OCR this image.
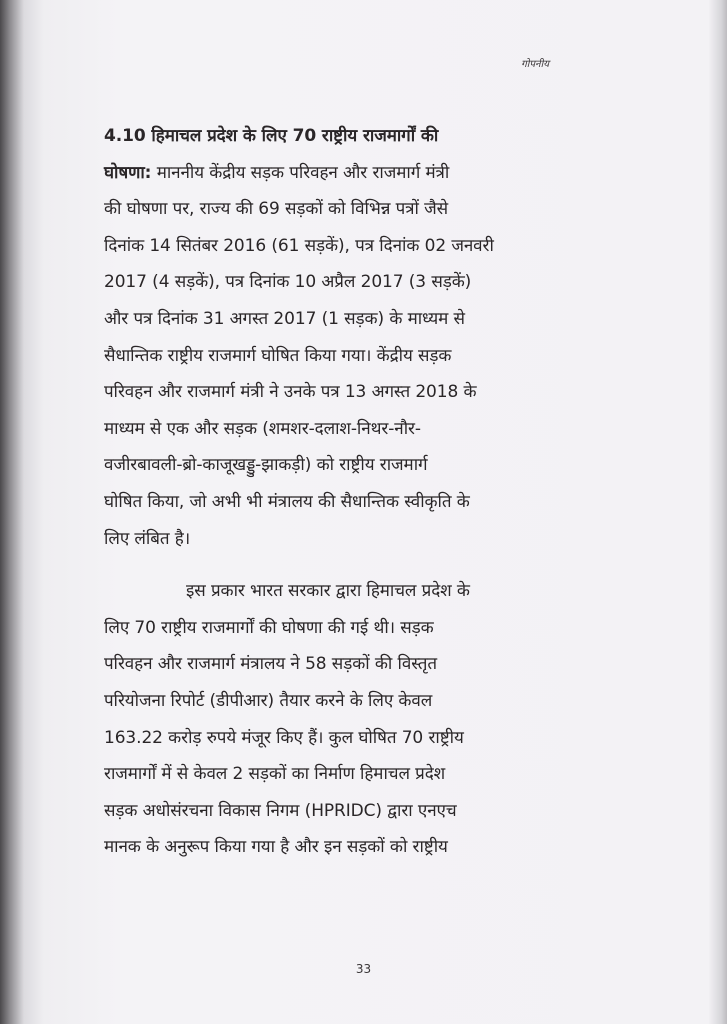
गोपनीय
4.10 हिमाचल प्रदेश के लिए 70 राष्ट्रीय राजमार्गों की
घोषणा: माननीय केंद्रीय सड़क परिवहन और राजमार्ग मंत्री
की घोषणा पर, राज्य की 69 सड़कों को विभिन्न पत्रों जैसे
दिनांक 14 सितंबर 2016 (61 सड़कें), पत्र दिनांक 02 जनवरी
2017 (4 सड़कें), पत्र दिनांक 10 अप्रैल 2017 (3 सड़कें)
और पत्र दिनांक 31 अगस्त 2017 (1 सड़क) के माध्यम से
सैधान्तिक राष्ट्रीय राजमार्ग घोषित किया गया। केंद्रीय सड़क
परिवहन और राजमार्ग मंत्री ने उनके पत्र 13 अगस्त 2018 के
माध्यम से एक और सड़क (शमशर-दलाश-निथर-नौर-
वजीरबावली-ब्रो-काजूखड्डु-झाकड़ी) को राष्ट्रीय राजमार्ग
घोषित किया, जो अभी भी मंत्रालय की सैधान्तिक स्वीकृति के
लिए लंबित है।
इस प्रकार भारत सरकार द्वारा हिमाचल प्रदेश के
लिए 70 राष्ट्रीय राजमार्गों की घोषणा की गई थी। सड़क
परिवहन और राजमार्ग मंत्रालय ने 58 सड़कों की विस्तृत
परियोजना रिपोर्ट (डीपीआर) तैयार करने के लिए केवल
163.22 करोड़ रुपये मंजूर किए हैं। कुल घोषित 70 राष्ट्रीय
राजमार्गों में से केवल 2 सड़कों का निर्माण हिमाचल प्रदेश
सड़क अधोसंरचना विकास निगम (HPRIDC) द्वारा एनएच
मानक के अनुरूप किया गया है और इन सड़कों को राष्ट्रीय
33
